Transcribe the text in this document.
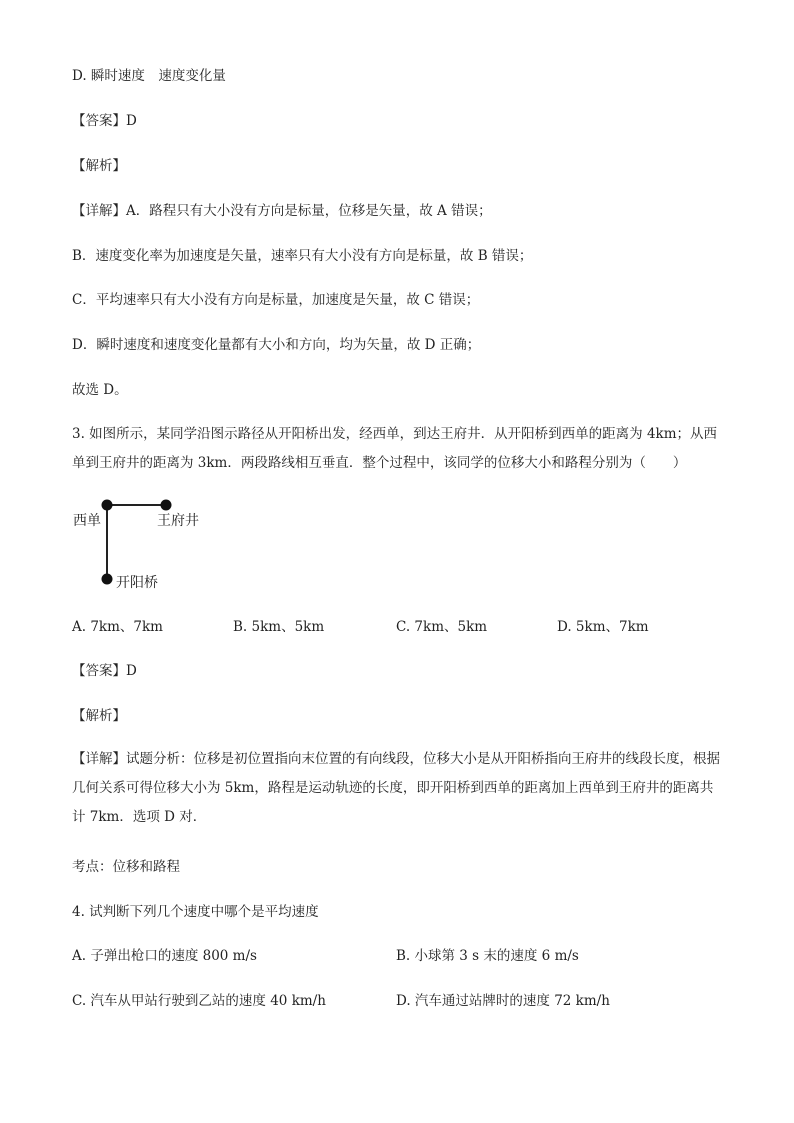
D. 瞬时速度　速度变化量
【答案】D
【解析】
【详解】A．路程只有大小没有方向是标量，位移是矢量，故 A 错误；
B．速度变化率为加速度是矢量，速率只有大小没有方向是标量，故 B 错误；
C．平均速率只有大小没有方向是标量，加速度是矢量，故 C 错误；
D．瞬时速度和速度变化量都有大小和方向，均为矢量，故 D 正确；
故选 D。
3. 如图所示，某同学沿图示路径从开阳桥出发，经西单，到达王府井．从开阳桥到西单的距离为 4km；从西单到王府井的距离为 3km．两段路线相互垂直．整个过程中，该同学的位移大小和路程分别为（　　）
西单	王府井
开阳桥
A. 7km、7km	B. 5km、5km	C. 7km、5km	D. 5km、7km
【答案】D
【解析】
【详解】试题分析：位移是初位置指向末位置的有向线段，位移大小是从开阳桥指向王府井的线段长度，根据几何关系可得位移大小为 5km，路程是运动轨迹的长度，即开阳桥到西单的距离加上西单到王府井的距离共计 7km．选项 D 对．
考点：位移和路程
4. 试判断下列几个速度中哪个是平均速度
A. 子弹出枪口的速度 800 m/s	B. 小球第 3 s 末的速度 6 m/s
C. 汽车从甲站行驶到乙站的速度 40 km/h	D. 汽车通过站牌时的速度 72 km/h
